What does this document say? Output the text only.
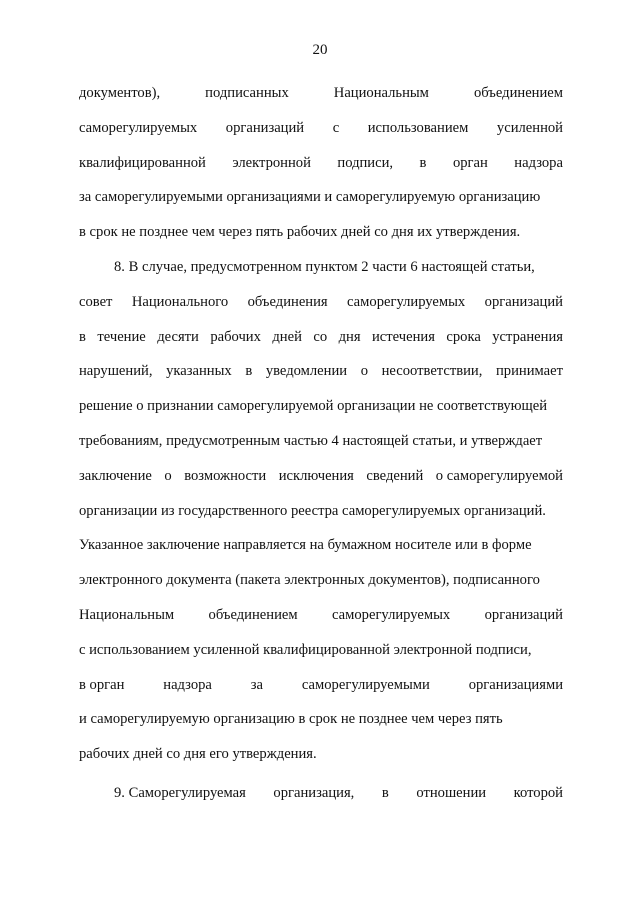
20
документов),	подписанных	Национальным	объединением
саморегулируемых организаций с использованием усиленной
квалифицированной электронной подписи, в орган надзора
за саморегулируемыми организациями и саморегулируемую организацию
в срок не позднее чем через пять рабочих дней со дня их утверждения.
8. В случае, предусмотренном пунктом 2 части 6 настоящей статьи,
совет Национального объединения саморегулируемых организаций
в течение десяти рабочих дней со дня истечения срока устранения
нарушений, указанных в уведомлении о несоответствии, принимает
решение о признании саморегулируемой организации не соответствующей
требованиям, предусмотренным частью 4 настоящей статьи, и утверждает
заключение о возможности исключения сведений о саморегулируемой
организации из государственного реестра саморегулируемых организаций.
Указанное заключение направляется на бумажном носителе или в форме
электронного документа (пакета электронных документов), подписанного
Национальным объединением саморегулируемых организаций
с использованием усиленной квалифицированной электронной подписи,
в орган	надзора	за	саморегулируемыми	организациями
и саморегулируемую организацию в срок не позднее чем через пять
рабочих дней со дня его утверждения.
9. Саморегулируемая организация, в отношении которой
